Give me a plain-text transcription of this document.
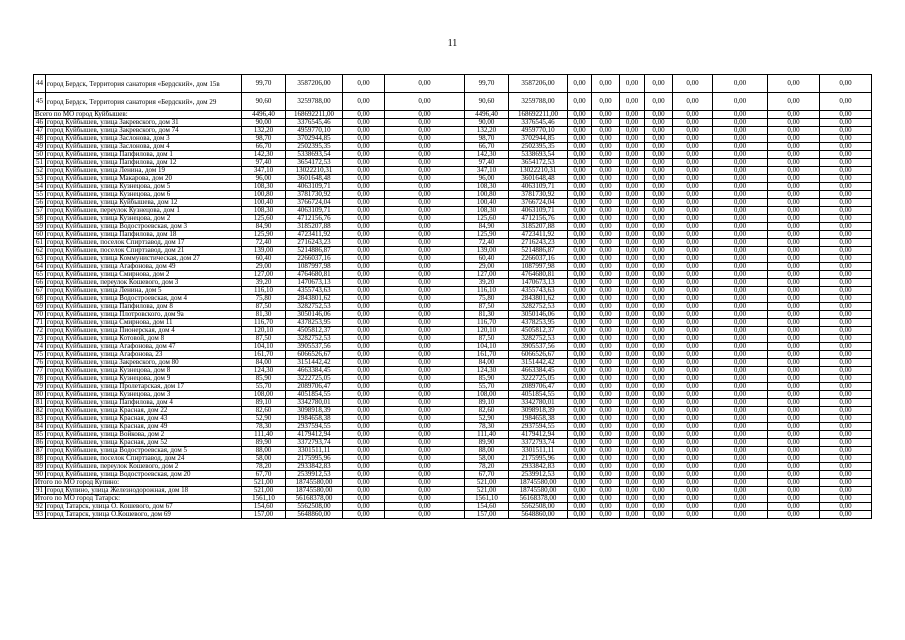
11
44	город Бердск, Территория санатория «Бердский», дом 15в	99,70	3587206,00	0,00	0,00	99,70	3587206,00	0,00	0,00	0,00	0,00	0,00	0,00	0,00	0,00
45	город Бердск, Территория санатория «Бердский», дом 29	90,60	3259788,00	0,00	0,00	90,60	3259788,00	0,00	0,00	0,00	0,00	0,00	0,00	0,00	0,00
Всего по МО город Куйбышев:		4496,40	168692211,00	0,00	0,00	4496,40	168692211,00	0,00	0,00	0,00	0,00	0,00	0,00	0,00	0,00
46	город Куйбышев, улица Закревского, дом 31	90,00	3376545,46	0,00	0,00	90,00	3376545,46	0,00	0,00	0,00	0,00	0,00	0,00	0,00	0,00
47	город Куйбышев, улица Закревского, дом 74	132,20	4959770,10	0,00	0,00	132,20	4959770,10	0,00	0,00	0,00	0,00	0,00	0,00	0,00	0,00
48	город Куйбышев, улица Заслонова, дом 3	98,70	3702944,85	0,00	0,00	98,70	3702944,85	0,00	0,00	0,00	0,00	0,00	0,00	0,00	0,00
49	город Куйбышев, улица Заслонова, дом 4	66,70	2502395,35	0,00	0,00	66,70	2502395,35	0,00	0,00	0,00	0,00	0,00	0,00	0,00	0,00
50	город Куйбышев, улица Папфилова, дом 1	142,30	5338693,54	0,00	0,00	142,30	5338693,54	0,00	0,00	0,00	0,00	0,00	0,00	0,00	0,00
51	город Куйбышев, улица Папфилова, дом 12	97,40	3654172,53	0,00	0,00	97,40	3654172,53	0,00	0,00	0,00	0,00	0,00	0,00	0,00	0,00
52	город Куйбышев, улица Ленина, дом 19	347,10	13022210,31	0,00	0,00	347,10	13022210,31	0,00	0,00	0,00	0,00	0,00	0,00	0,00	0,00
53	город Куйбышев, улица Макарова, дом 20	96,00	3601648,48	0,00	0,00	96,00	3601648,48	0,00	0,00	0,00	0,00	0,00	0,00	0,00	0,00
54	город Куйбышев, улица Кузнецова, дом 5	108,30	4063109,71	0,00	0,00	108,30	4063109,71	0,00	0,00	0,00	0,00	0,00	0,00	0,00	0,00
55	город Куйбышев, улица Кузнецова, дом 6	100,80	3781730,92	0,00	0,00	100,80	3781730,92	0,00	0,00	0,00	0,00	0,00	0,00	0,00	0,00
56	город Куйбышев, улица Куйбышева, дом 12	100,40	3766724,04	0,00	0,00	100,40	3766724,04	0,00	0,00	0,00	0,00	0,00	0,00	0,00	0,00
57	город Куйбышев, переулок Кузнецова, дом 1	108,30	4063109,71	0,00	0,00	108,30	4063109,71	0,00	0,00	0,00	0,00	0,00	0,00	0,00	0,00
58	город Куйбышев, улица Кузнецова, дом 2	125,60	4712156,76	0,00	0,00	125,60	4712156,76	0,00	0,00	0,00	0,00	0,00	0,00	0,00	0,00
59	город Куйбышев, улица Водостроевская, дом 3	84,90	3185207,88	0,00	0,00	84,90	3185207,88	0,00	0,00	0,00	0,00	0,00	0,00	0,00	0,00
60	город Куйбышев, улица Папфилова, дом 18	125,90	4723411,92	0,00	0,00	125,90	4723411,92	0,00	0,00	0,00	0,00	0,00	0,00	0,00	0,00
61	город Куйбышев, поселок Спиртзавод, дом 17	72,40	2716243,23	0,00	0,00	72,40	2716243,23	0,00	0,00	0,00	0,00	0,00	0,00	0,00	0,00
62	город Куйбышев, поселок Спиртзавод, дом 21	139,00	5214886,87	0,00	0,00	139,00	5214886,87	0,00	0,00	0,00	0,00	0,00	0,00	0,00	0,00
63	город Куйбышев, улица Коммунистическая, дом 27	60,40	2266037,16	0,00	0,00	60,40	2266037,16	0,00	0,00	0,00	0,00	0,00	0,00	0,00	0,00
64	город Куйбышев, улица Агафонова, дом 49	29,00	1087997,98	0,00	0,00	29,00	1087997,98	0,00	0,00	0,00	0,00	0,00	0,00	0,00	0,00
65	город Куйбышев, улица Смирнова, дом 2	127,00	4764680,81	0,00	0,00	127,00	4764680,81	0,00	0,00	0,00	0,00	0,00	0,00	0,00	0,00
66	город Куйбышев, переулок Кошевого, дом 3	39,20	1470673,13	0,00	0,00	39,20	1470673,13	0,00	0,00	0,00	0,00	0,00	0,00	0,00	0,00
67	город Куйбышев, улица Ленина, дом 5	116,10	4355743,63	0,00	0,00	116,10	4355743,63	0,00	0,00	0,00	0,00	0,00	0,00	0,00	0,00
68	город Куйбышев, улица Водостроевская, дом 4	75,80	2843801,62	0,00	0,00	75,80	2843801,62	0,00	0,00	0,00	0,00	0,00	0,00	0,00	0,00
69	город Куйбышев, улица Папфилова, дом 8	87,50	3282752,53	0,00	0,00	87,50	3282752,53	0,00	0,00	0,00	0,00	0,00	0,00	0,00	0,00
70	город Куйбышев, улица Плотровского, дом 9а	81,30	3050146,06	0,00	0,00	81,30	3050146,06	0,00	0,00	0,00	0,00	0,00	0,00	0,00	0,00
71	город Куйбышев, улица Смирнова, дом 11	116,70	4378253,95	0,00	0,00	116,70	4378253,95	0,00	0,00	0,00	0,00	0,00	0,00	0,00	0,00
72	город Куйбышев, улица Пионерская, дом 4	120,10	4505812,37	0,00	0,00	120,10	4505812,37	0,00	0,00	0,00	0,00	0,00	0,00	0,00	0,00
73	город Куйбышев, улица Котовой, дом 8	87,50	3282752,53	0,00	0,00	87,50	3282752,53	0,00	0,00	0,00	0,00	0,00	0,00	0,00	0,00
74	город Куйбышев, улица Агафонова, дом 47	104,10	3905537,56	0,00	0,00	104,10	3905537,56	0,00	0,00	0,00	0,00	0,00	0,00	0,00	0,00
75	город Куйбышев, улица Агафонова, 23	161,70	6066526,67	0,00	0,00	161,70	6066526,67	0,00	0,00	0,00	0,00	0,00	0,00	0,00	0,00
76	город Куйбышев, улица Закревского, дом 80	84,00	3151442,42	0,00	0,00	84,00	3151442,42	0,00	0,00	0,00	0,00	0,00	0,00	0,00	0,00
77	город Куйбышев, улица Кузнецова, дом 8	124,30	4663384,45	0,00	0,00	124,30	4663384,45	0,00	0,00	0,00	0,00	0,00	0,00	0,00	0,00
78	город Куйбышев, улица Кузнецова, дом 9	85,90	3222725,05	0,00	0,00	85,90	3222725,05	0,00	0,00	0,00	0,00	0,00	0,00	0,00	0,00
79	город Куйбышев, улица Пролетарская, дом 17	55,70	2089706,47	0,00	0,00	55,70	2089706,47	0,00	0,00	0,00	0,00	0,00	0,00	0,00	0,00
80	город Куйбышев, улица Кузнецова, дом 3	108,00	4051854,55	0,00	0,00	108,00	4051854,55	0,00	0,00	0,00	0,00	0,00	0,00	0,00	0,00
81	город Куйбышев, улица Папфилова, дом 4	89,10	3342780,01	0,00	0,00	89,10	3342780,01	0,00	0,00	0,00	0,00	0,00	0,00	0,00	0,00
82	город Куйбышев, улица Красная, дом 22	82,60	3098918,39	0,00	0,00	82,60	3098918,39	0,00	0,00	0,00	0,00	0,00	0,00	0,00	0,00
83	город Куйбышев, улица Красная, дом 43	52,90	1984658,38	0,00	0,00	52,90	1984658,38	0,00	0,00	0,00	0,00	0,00	0,00	0,00	0,00
84	город Куйбышев, улица Красная, дом 49	78,30	2937594,55	0,00	0,00	78,30	2937594,55	0,00	0,00	0,00	0,00	0,00	0,00	0,00	0,00
85	город Куйбышев, улица Войкова, дом 2	111,40	4179412,94	0,00	0,00	111,40	4179412,94	0,00	0,00	0,00	0,00	0,00	0,00	0,00	0,00
86	город Куйбышев, улица Красная, дом 52	89,90	3372793,74	0,00	0,00	89,90	3372793,74	0,00	0,00	0,00	0,00	0,00	0,00	0,00	0,00
87	город Куйбышев, улица Водостроевская, дом 5	88,00	3301511,11	0,00	0,00	88,00	3301511,11	0,00	0,00	0,00	0,00	0,00	0,00	0,00	0,00
88	город Куйбышев, поселок Спиртзавод, дом 24	58,00	2175995,96	0,00	0,00	58,00	2175995,96	0,00	0,00	0,00	0,00	0,00	0,00	0,00	0,00
89	город Куйбышев, переулок Кошевого, дом 2	78,20	2933842,83	0,00	0,00	78,20	2933842,83	0,00	0,00	0,00	0,00	0,00	0,00	0,00	0,00
90	город Куйбышев, улица Водостроевская, дом 20	67,70	2539912,53	0,00	0,00	67,70	2539912,53	0,00	0,00	0,00	0,00	0,00	0,00	0,00	0,00
Итого по МО город Купино:		521,00	18745580,00	0,00	0,00	521,00	18745580,00	0,00	0,00	0,00	0,00	0,00	0,00	0,00	0,00
91	город Купино, улица Железнодорожная, дом 18	521,00	18745580,00	0,00	0,00	521,00	18745580,00	0,00	0,00	0,00	0,00	0,00	0,00	0,00	0,00
Итого по МО город Татарск:		1561,10	56168378,00	0,00	0,00	1561,10	56168378,00	0,00	0,00	0,00	0,00	0,00	0,00	0,00	0,00
92	город Татарск, улица О. Кошевого, дом 67	154,60	5562508,00	0,00	0,00	154,60	5562508,00	0,00	0,00	0,00	0,00	0,00	0,00	0,00	0,00
93	город Татарск, улица О.Кошевого, дом 69	157,00	5648860,00	0,00	0,00	157,00	5648860,00	0,00	0,00	0,00	0,00	0,00	0,00	0,00	0,00
